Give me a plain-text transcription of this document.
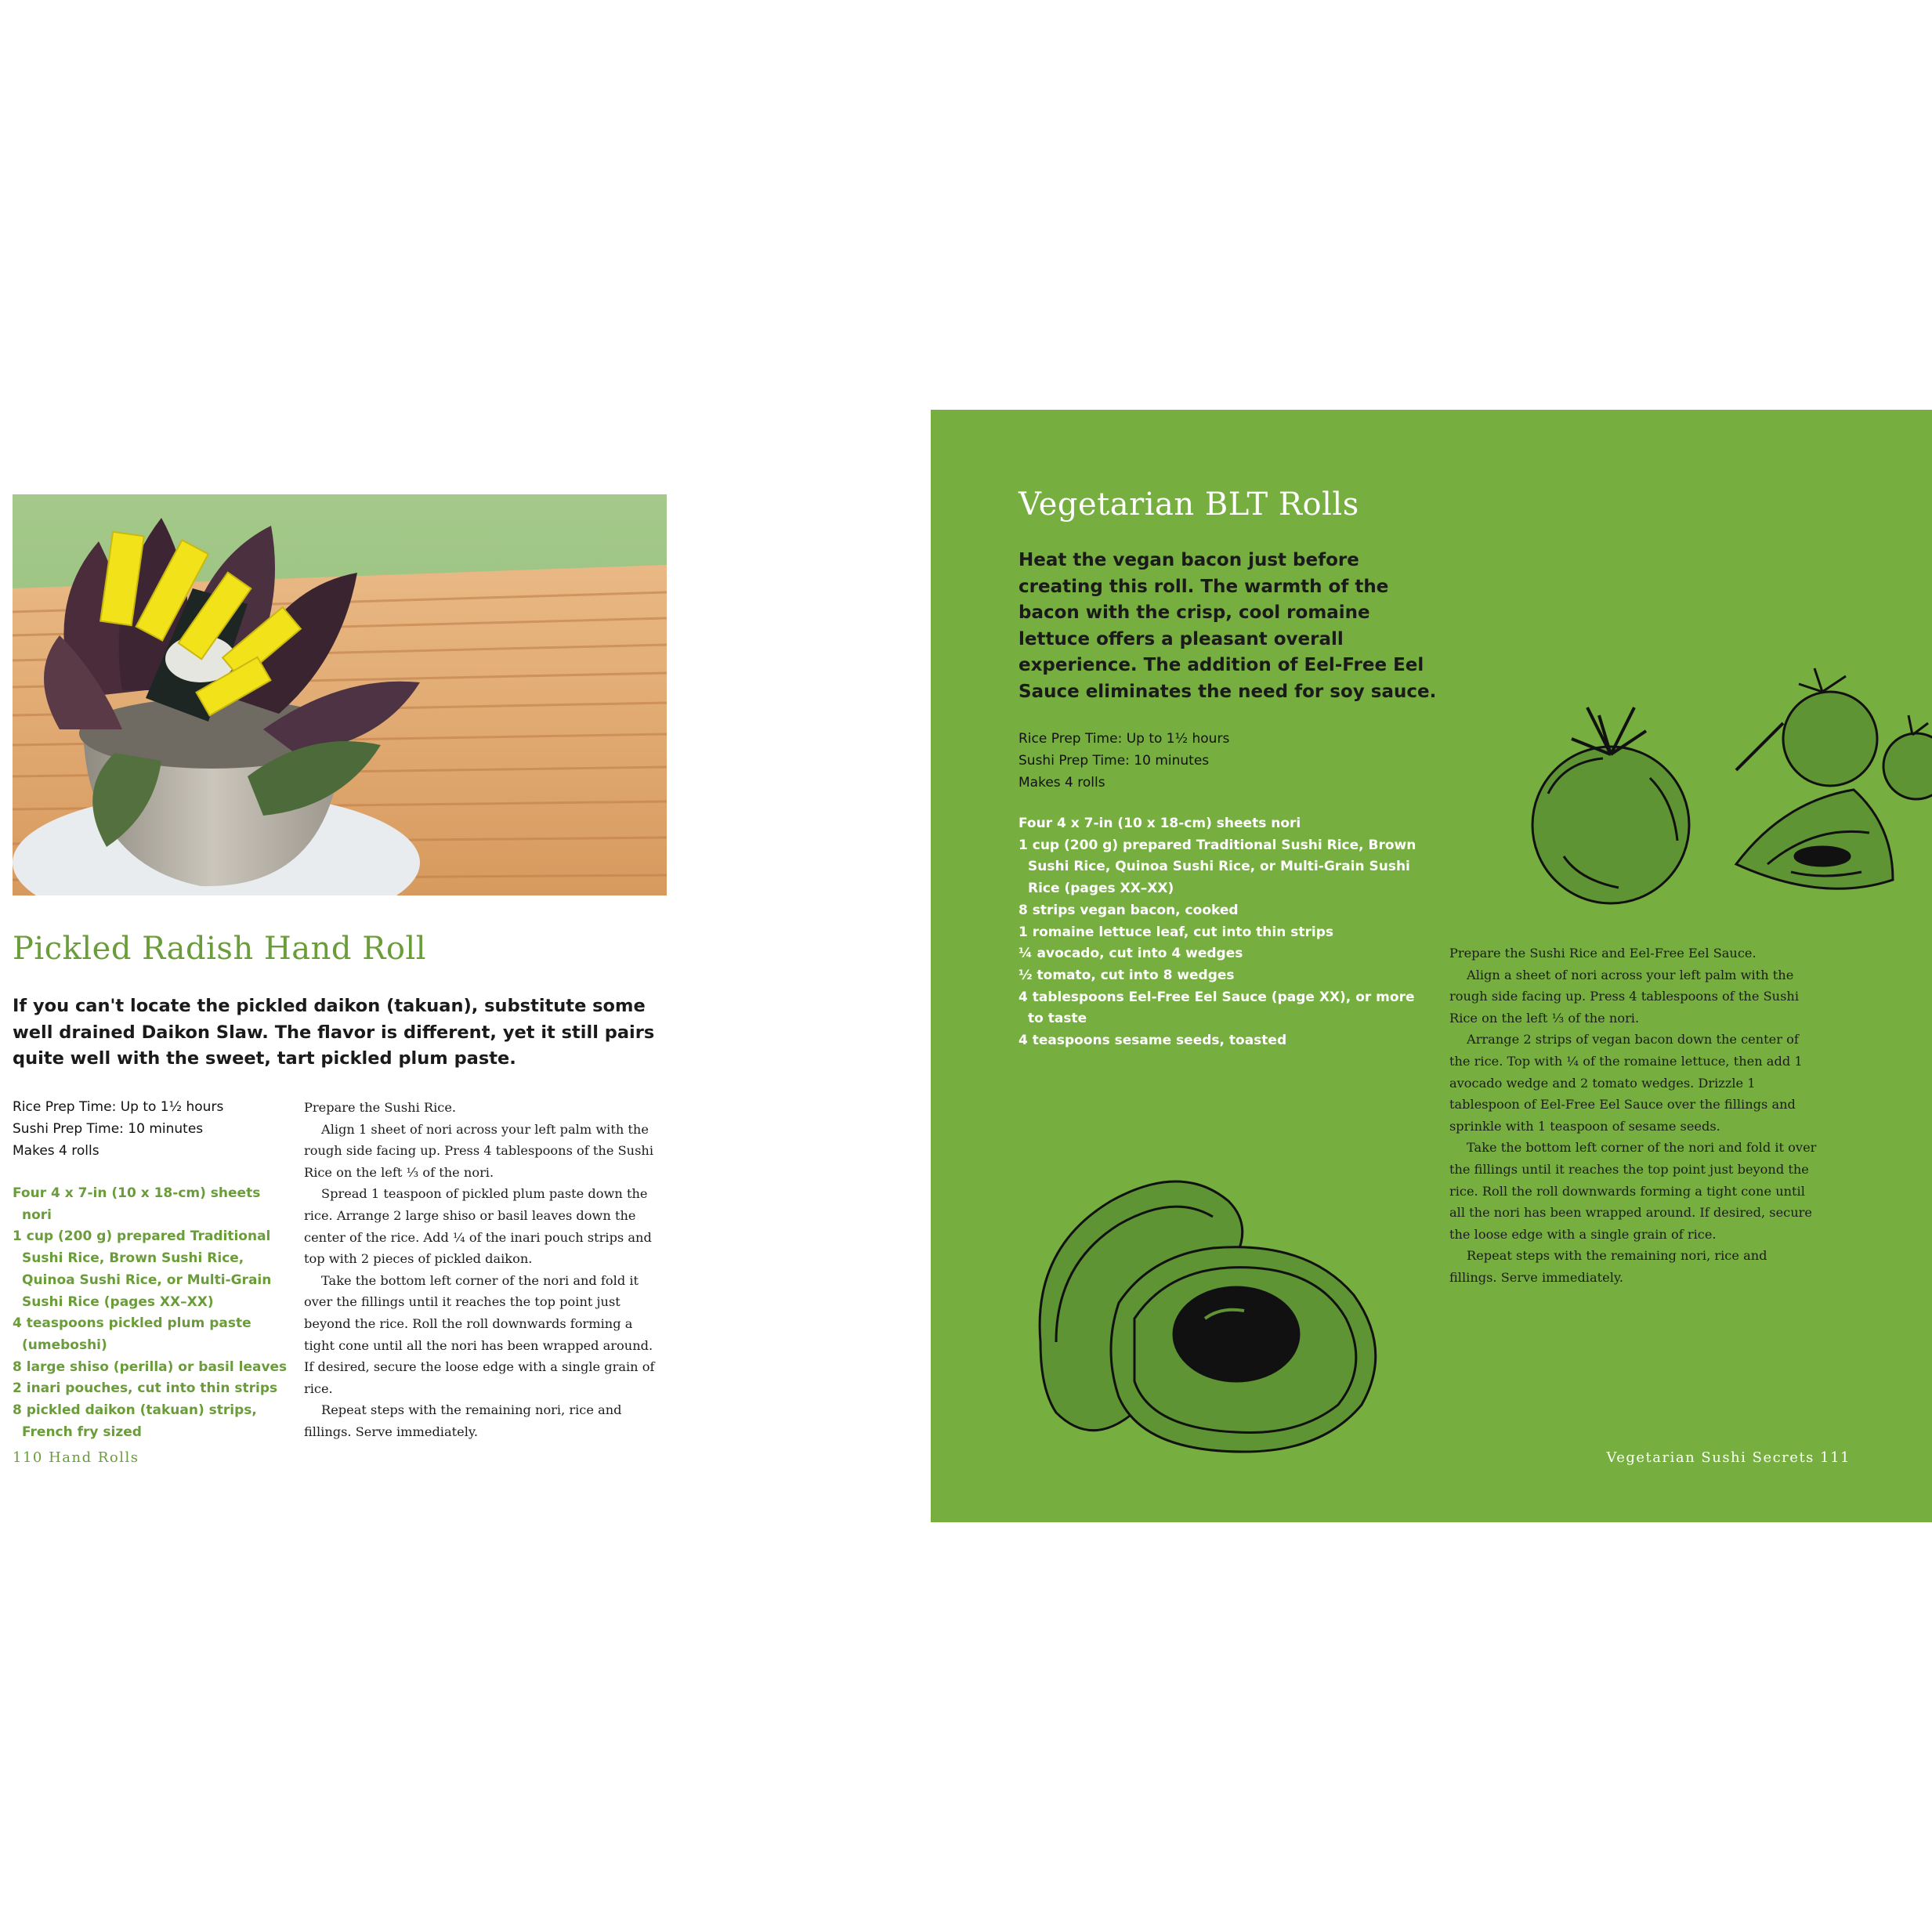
Pickled Radish Hand Roll

If you can't locate the pickled daikon (takuan), substitute some well drained Daikon Slaw. The flavor is different, yet it still pairs quite well with the sweet, tart pickled plum paste.

Rice Prep Time: Up to 1½ hours
Sushi Prep Time: 10 minutes
Makes 4 rolls
Four 4 x 7-in (10 x 18-cm) sheets nori
1 cup (200 g) prepared Traditional Sushi Rice, Brown Sushi Rice, Quinoa Sushi Rice, or Multi-Grain Sushi Rice (pages XX–XX)
4 teaspoons pickled plum paste (umeboshi)
8 large shiso (perilla) or basil leaves
2 inari pouches, cut into thin strips
8 pickled daikon (takuan) strips, French fry sized

Prepare the Sushi Rice.

Align 1 sheet of nori across your left palm with the rough side facing up. Press 4 tablespoons of the Sushi Rice on the left ⅓ of the nori.

Spread 1 teaspoon of pickled plum paste down the rice. Arrange 2 large shiso or basil leaves down the center of the rice. Add ¼ of the inari pouch strips and top with 2 pieces of pickled daikon.

Take the bottom left corner of the nori and fold it over the fillings until it reaches the top point just beyond the rice. Roll the roll downwards forming a tight cone until all the nori has been wrapped around. If desired, secure the loose edge with a single grain of rice.

Repeat steps with the remaining nori, rice and fillings. Serve immediately.

110 Hand Rolls
Vegetarian BLT Rolls

Heat the vegan bacon just before creating this roll. The warmth of the bacon with the crisp, cool romaine lettuce offers a pleasant overall experience. The addition of Eel-Free Eel Sauce eliminates the need for soy sauce.

Rice Prep Time: Up to 1½ hours
Sushi Prep Time: 10 minutes
Makes 4 rolls
Four 4 x 7-in (10 x 18-cm) sheets nori
1 cup (200 g) prepared Traditional Sushi Rice, Brown Sushi Rice, Quinoa Sushi Rice, or Multi-Grain Sushi Rice (pages XX–XX)
8 strips vegan bacon, cooked
1 romaine lettuce leaf, cut into thin strips
¼ avocado, cut into 4 wedges
½ tomato, cut into 8 wedges
4 tablespoons Eel-Free Eel Sauce (page XX), or more to taste
4 teaspoons sesame seeds, toasted

Prepare the Sushi Rice and Eel-Free Eel Sauce.

Align a sheet of nori across your left palm with the rough side facing up. Press 4 tablespoons of the Sushi Rice on the left ⅓ of the nori.

Arrange 2 strips of vegan bacon down the center of the rice. Top with ¼ of the romaine lettuce, then add 1 avocado wedge and 2 tomato wedges. Drizzle 1 tablespoon of Eel-Free Eel Sauce over the fillings and sprinkle with 1 teaspoon of sesame seeds.

Take the bottom left corner of the nori and fold it over the fillings until it reaches the top point just beyond the rice. Roll the roll downwards forming a tight cone until all the nori has been wrapped around. If desired, secure the loose edge with a single grain of rice.

Repeat steps with the remaining nori, rice and fillings. Serve immediately.

Vegetarian Sushi Secrets 111
